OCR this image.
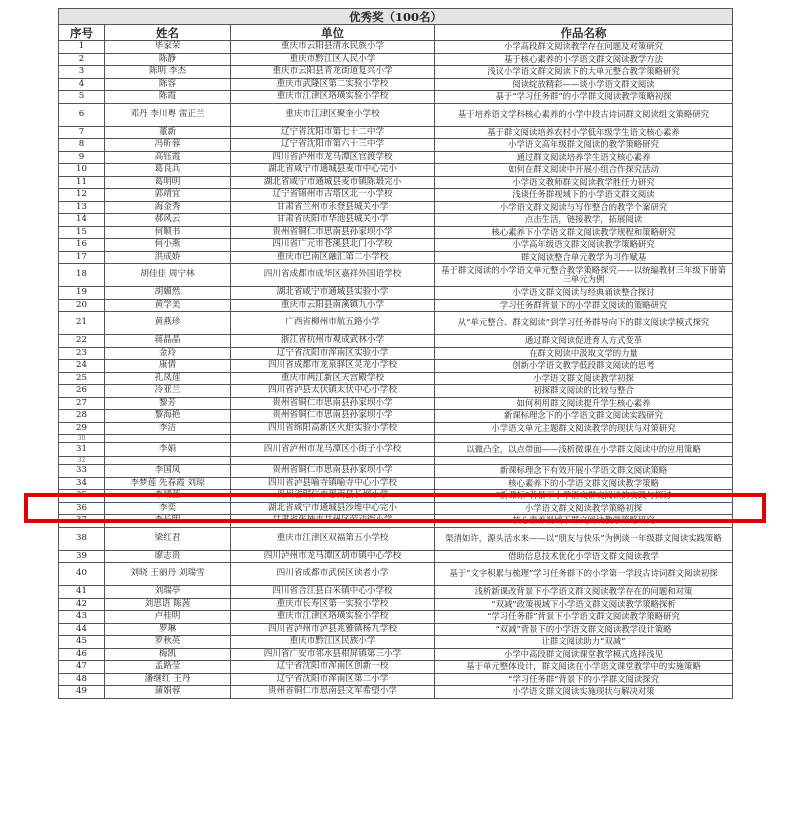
优秀奖（100名）			
序号	姓名	单位	作品名称
1	毕家荣	重庆市云阳县清水民族小学	小学高段群文阅读教学存在问题及对策研究
2	陈静	重庆市黔江区人民小学	基于核心素养的小学语文群文阅读教学方法
3	陈明 李杰	重庆市云阳县青龙街道复兴小学	浅议小学语文群文阅读下的大单元整合教学策略研究
4	陈容	重庆市武隆区第二实验小学校	阅读绽放精彩——谈小学语文群文阅读
5	陈霞	重庆市江津区珞璜实验小学校	基于“学习任务群”的小学群文阅读教学策略初探
6	邓丹 李川粤 雷正兰	重庆市江津区聚奎小学校	基于培养语文学科核心素养的小学中段古诗词群文阅读组文策略研究
7	董新	辽宁省沈阳市第七十二中学	基于群文阅读培养农村小学低年级学生语文核心素养
8	冯昕蓉	辽宁省沈阳市第六十三中学	小学语文高年级群文阅读的教学策略研究
9	高钰霞	四川省泸州市龙马潭区官渡学校	通过群文阅读培养学生语文核心素养
10	葛良兵	湖北省咸宁市通城县麦市中心完小	如何在群文阅读中开展小组合作探究活动
11	葛明明	湖北省咸宁市通城县麦市镇陈塅完小	小学语文教师群文阅读教学胜任力研究
12	郭靖宜	辽宁省锦州市古塔区北一小学校	浅谈任务群视域下的小学语文群文阅读
13	海金秀	甘肃省兰州市永登县城关小学	小学语文群文阅读与写作整合的教学个案研究
14	郝风云	甘肃省庆阳市华池县城关小学	点击生活，链接教学，拓展阅读
15	何顺书	贵州省铜仁市思南县孙家坝小学	核心素养下小学语文群文阅读教学规程和策略研究
16	何小燕	四川省广元市苍溪县北门小学校	小学高年级语文群文阅读教学策略研究
17	洪成娇	重庆市巴南区融汇第二小学校	群文阅读整合单元教学为习作赋基
18	胡佳佳 周宁林	四川省成都市成华区嘉祥外国语学校	基于群文阅读的小学语文单元整合教学策略探究——以统编教材三年级下册第三单元为例
19	胡媚然	湖北省咸宁市通城县实验小学	小学语文群文阅读与经典诵读整合探讨
20	黄学美	重庆市云阳县南溪镇九小学	学习任务群背景下的小学群文阅读的策略研究
21	黄燕珍	广西省柳州市航五路小学	从“单元整合、群文阅读”到学习任务群导向下的群文阅读学模式探究
22	蒋晶晶	浙江省杭州市观成武林小学	通过群文阅读促进育人方式变革
23	金玲	辽宁省沈阳市浑南区实验小学	在群文阅读中汲取文学的力量
24	康倩	四川省成都市龙泉驿区灵龙小学校	创新小学语文教学低段群文阅读的思考
25	孔凤莲	重庆市两江新区天宫殿学校	小学语文群文阅读教学初探
26	冷亚兰	四川省泸县太伏镇太伏中心小学校	初探群文阅读的比较与整合
27	黎芳	贵州省铜仁市思南县孙家坝小学	如何利用群文阅读提升学生核心素养
28	黎海艳	贵州省铜仁市思南县孙家坝小学	新课标理念下的小学语文群文阅读实践研究
29	李洁	四川省绵阳高新区火炬实验小学校	小学语文单元主题群文阅读教学的现状与对策研究
30			
31	李娟	四川省泸州市龙马潭区小街子小学校	以微凸全，以点带面——浅析微课在小学群文阅读中的应用策略
32			
33	李国凤	贵州省铜仁市思南县孙家坝小学	新课标理念下有效开展小学语文群文阅读策略
34	李梦莲 先春霞 刘琼	四川省泸县喻寺镇喻寺中心小学校	核心素养下的小学语文群文阅读教学策略
35	李晴蓝	贵州省铜仁市思南县长坝小学	“新课标”背景下小学语文群文阅读的实践与探讨
36	李奕	湖北省咸宁市通城县沙堆中心完小	小学语文群文阅读教学策略初探
37	李长明	甘肃省张掖市甘州区劳动街小学	核心素养视域下群文阅读教学策略研究
38	梁红君	重庆市江津区双福第五小学校	渠清如许，源头活水来——以“朋友与快乐”为例谈一年级群文阅读实践策略
39	廖志贵	四川泸州市龙马潭区胡市镇中心学校	借助信息技术优化小学语文群文阅读教学
40	刘晓 王丽丹 刘瑞雪	四川省成都市武侯区读者小学	基于“文字积累与梳理”学习任务群下的小学第一学段古诗词群文阅读初探
41	刘瑞亭	四川省合江县白米镇中心小学校	浅析新课改背景下小学语文群文阅读教学存在的问题和对策
42	刘思语 陈茜	重庆市长寿区第一实验小学校	“双减”政策视域下小学语文群文阅读教学策略探析
43	卢桂明	重庆市江津区珞璜实验小学校	“学习任务群”背景下小学语文群文阅读教学策略研究
44	罗琳	四川省泸州市泸县兆雅镇杨九学校	“双减”背景下的小学语文群文阅读教学设计策略
45	罗秋英	重庆市黔江区民族小学	让群文阅读助力“双减”
46	梅凯	四川省广安市邻水县柑屏镇第三小学	小学中高段群文阅读课堂教学模式选择浅见
47	孟路莹	辽宁省沈阳市浑南区创新一校	基于单元整体设计，群文阅读在小学语文课堂教学中的实施策略
48	潘继红 王丹	辽宁省沈阳市浑南区第二小学	“学习任务群”背景下的小学群文阅读探究
49	蒲娟蓉	贵州省铜仁市思南县文军希望小学	小学语文群文阅读实施现状与解决对策
